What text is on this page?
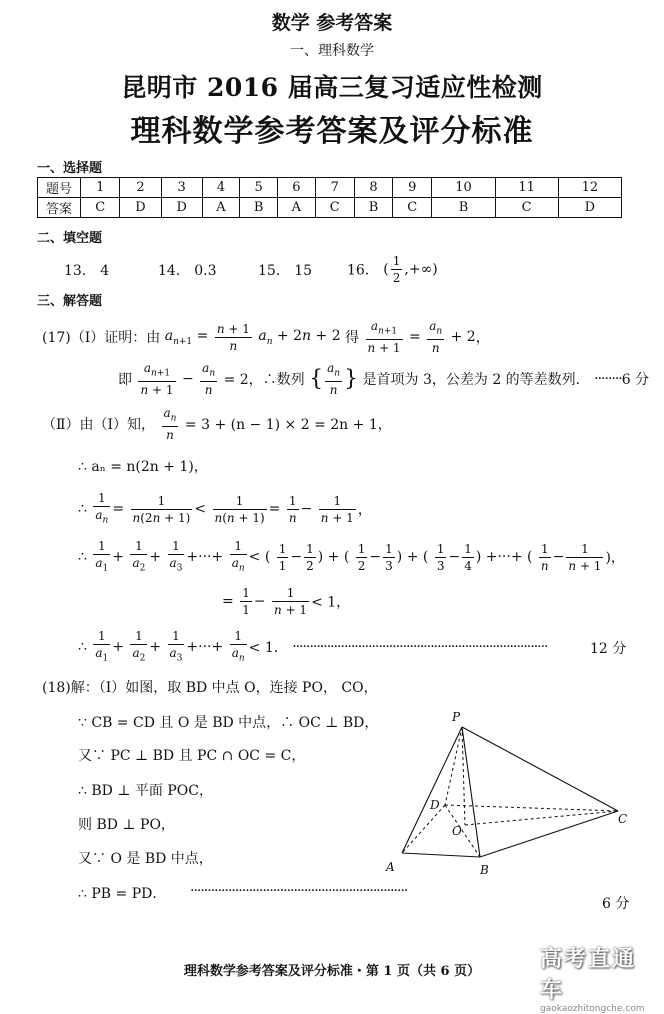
数学 参考答案
一、理科数学
昆明市 2016 届高三复习适应性检测
理科数学参考答案及评分标准
一、选择题
题号	1	2	3	4	5	6	7	8	9	10	11	12
答案	C	D	D	A	B	A	C	B	C	B	C	D
二、填空题
13． 4	14． 0.3	15． 15 16． ( $\frac{1}{2}$ ,+∞)
三、解答题
(17)（Ⅰ）证明：由 $a_{n+1} = \frac{n + 1}{n} a_n + 2n + 2$ 得 $\frac{a_{n+1}}{n + 1} = \frac{a_n}{n} + 2$，
即 $\frac{a_{n+1}}{n + 1} - \frac{a_n}{n} = 2$，∴数列 { $\frac{a_n}{n}$ } 是首项为 3，公差为 2 的等差数列． ········6 分
（Ⅱ）由（Ⅰ）知， $\frac{a_n}{n} = 3 + (n - 1) \times 2 = 2n + 1$，
∴ aₙ = n(2n + 1)，
∴ $\frac{1}{a_n} = \frac{1}{n(2n + 1)} < \frac{1}{n(n + 1)} = \frac{1}{n} - \frac{1}{n + 1}$ ，
∴ $\frac{1}{a_1} + \frac{1}{a_2} + \frac{1}{a_3}$ +···+ $\frac{1}{a_n}$ < ( $\frac{1}{1} - \frac{1}{2}$ ) + ( $\frac{1}{2} - \frac{1}{3}$ ) + ( $\frac{1}{3} - \frac{1}{4}$ ) +···+ ( $\frac{1}{n} - \frac{1}{n + 1}$ )，
= $\frac{1}{1} - \frac{1}{n + 1} < 1$，
∴ $\frac{1}{a_1} + \frac{1}{a_2} + \frac{1}{a_3}$ +···+ $\frac{1}{a_n} < 1$． ··········································································	12 分
(18)解：（Ⅰ）如图，取 BD 中点 O，连接 PO， CO，
∵ CB = CD 且 O 是 BD 中点，∴ OC ⊥ BD，
又∵ PC ⊥ BD 且 PC ∩ OC = C，
∴ BD ⊥ 平面 POC，
则 BD ⊥ PO，
又∵ O 是 BD 中点，
∴ PB = PD． ·······························································
6 分
P
D
O
C
A	B
理科数学参考答案及评分标准・第 1 页（共 6 页）	高考直通车
gaokaozhitongche.com
